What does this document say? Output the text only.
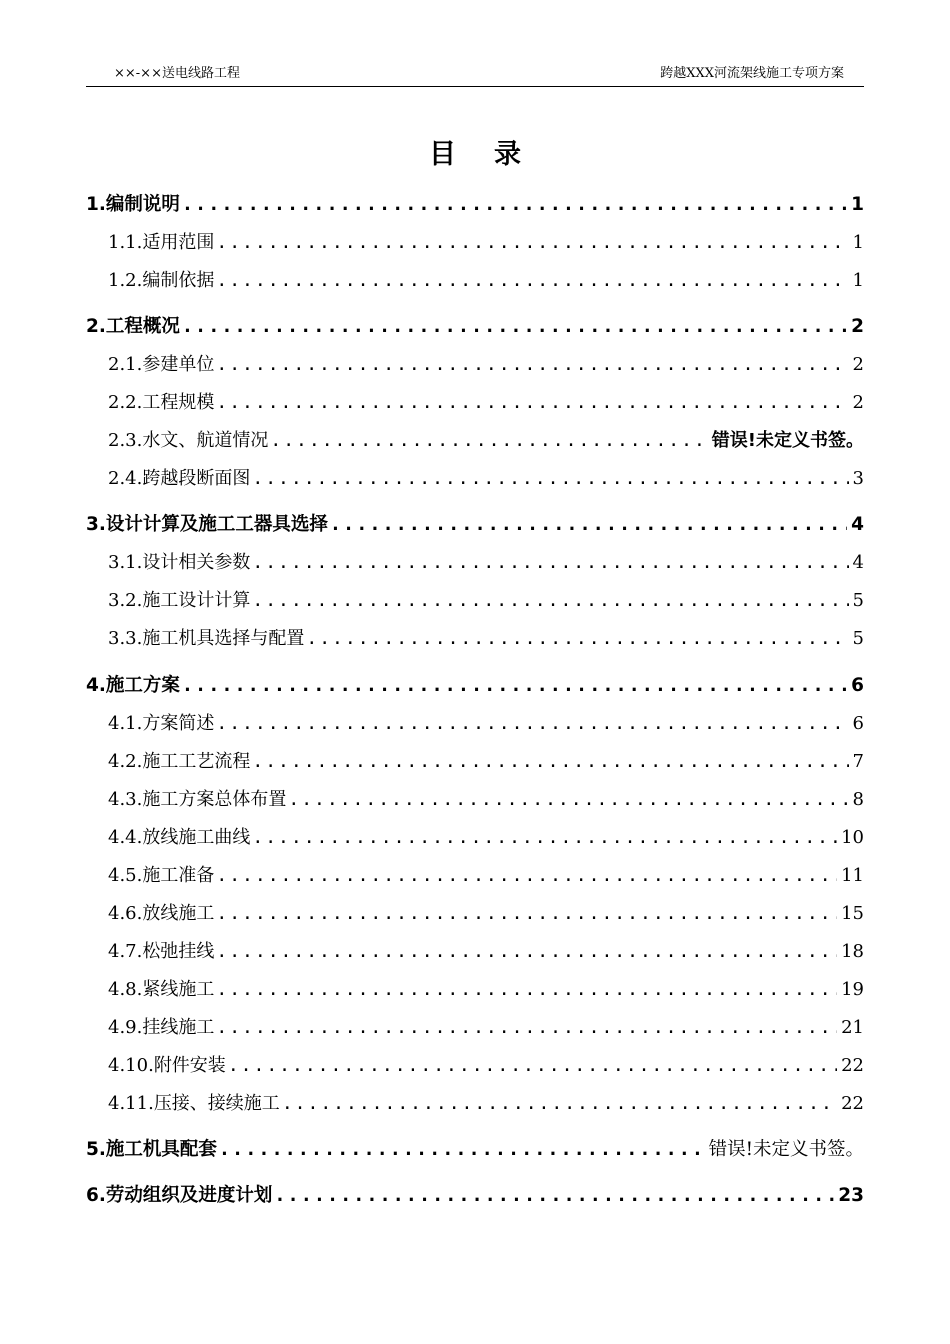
××-××送电线路工程	跨越XXX河流架线施工专项方案
目录
1. 编制说明 .....	1
1.1. 适用范围 .....	1
1.2. 编制依据 .....	1
2. 工程概况 .....	2
2.1. 参建单位 .....	2
2.2. 工程规模 .....	2
2.3. 水文、航道情况 .....	错误!未定义书签。
2.4. 跨越段断面图 .....	3
3. 设计计算及施工工器具选择 .....	4
3.1. 设计相关参数 .....	4
3.2. 施工设计计算 .....	5
3.3. 施工机具选择与配置 .....	5
4. 施工方案 .....	6
4.1. 方案简述 .....	6
4.2. 施工工艺流程 .....	7
4.3. 施工方案总体布置 .....	8
4.4. 放线施工曲线 .....	10
4.5. 施工准备 .....	11
4.6. 放线施工 .....	15
4.7. 松弛挂线 .....	18
4.8. 紧线施工 .....	19
4.9. 挂线施工 .....	21
4.10. 附件安装 .....	22
4.11. 压接、接续施工 .....	22
5. 施工机具配套 .....	错误!未定义书签。
6. 劳动组织及进度计划 .....	23
